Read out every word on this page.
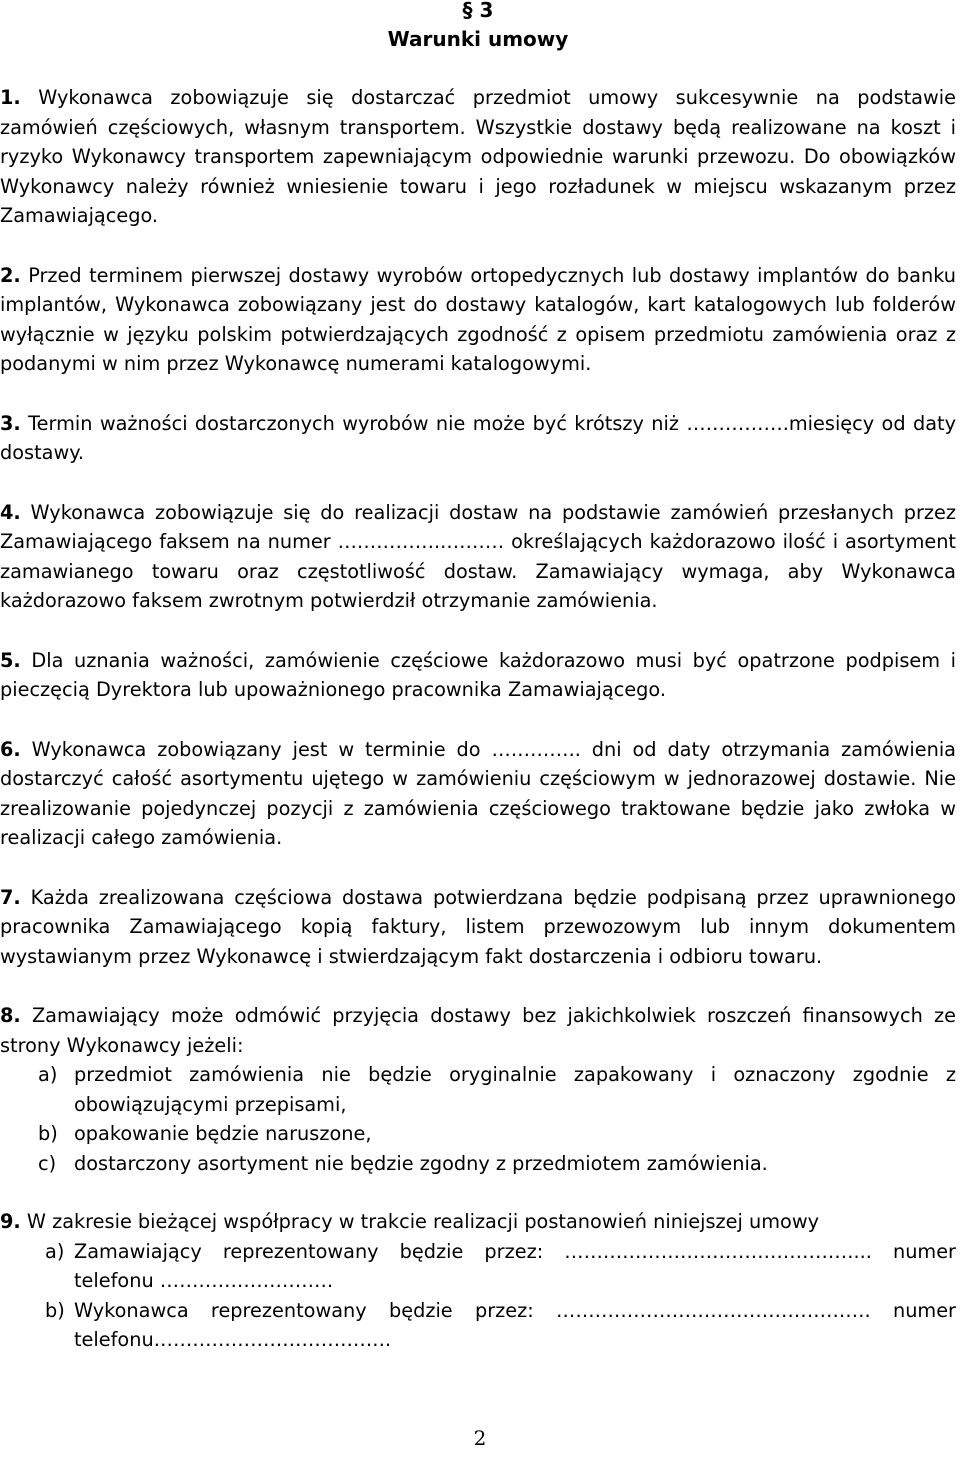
§ 3
Warunki umowy

1. Wykonawca zobowiązuje się dostarczać przedmiot umowy sukcesywnie na podstawie zamówień częściowych, własnym transportem. Wszystkie dostawy będą realizowane na koszt i ryzyko Wykonawcy transportem zapewniającym odpowiednie warunki przewozu. Do obowiązków Wykonawcy należy również wniesienie towaru i jego rozładunek w miejscu wskazanym przez Zamawiającego.

2. Przed terminem pierwszej dostawy wyrobów ortopedycznych lub dostawy implantów do banku implantów, Wykonawca zobowiązany jest do dostawy katalogów, kart katalogowych lub folderów wyłącznie w języku polskim potwierdzających zgodność z opisem przedmiotu zamówienia oraz z podanymi w nim przez Wykonawcę numerami katalogowymi.

3. Termin ważności dostarczonych wyrobów nie może być krótszy niż …………….miesięcy od daty dostawy.

4. Wykonawca zobowiązuje się do realizacji dostaw na podstawie zamówień przesłanych przez Zamawiającego faksem na numer ……………..……… określających każdorazowo ilość i asortyment zamawianego towaru oraz częstotliwość dostaw. Zamawiający wymaga, aby Wykonawca każdorazowo faksem zwrotnym potwierdził otrzymanie zamówienia.

5. Dla uznania ważności, zamówienie częściowe każdorazowo musi być opatrzone podpisem i pieczęcią Dyrektora lub upoważnionego pracownika Zamawiającego.

6. Wykonawca zobowiązany jest w terminie do ………….. dni od daty otrzymania zamówienia dostarczyć całość asortymentu ujętego w zamówieniu częściowym w jednorazowej dostawie. Nie zrealizowanie pojedynczej pozycji z zamówienia częściowego traktowane będzie jako zwłoka w realizacji całego zamówienia.

7. Każda zrealizowana częściowa dostawa potwierdzana będzie podpisaną przez uprawnionego pracownika Zamawiającego kopią faktury, listem przewozowym lub innym dokumentem wystawianym przez Wykonawcę i stwierdzającym fakt dostarczenia i odbioru towaru.

8. Zamawiający może odmówić przyjęcia dostawy bez jakichkolwiek roszczeń finansowych ze strony Wykonawcy jeżeli:

a) przedmiot zamówienia nie będzie oryginalnie zapakowany i oznaczony zgodnie z obowiązującymi przepisami,
b) opakowanie będzie naruszone,
c) dostarczony asortyment nie będzie zgodny z przedmiotem zamówienia.

9. W zakresie bieżącej współpracy w trakcie realizacji postanowień niniejszej umowy

a) Zamawiający reprezentowany będzie przez: ………………………………………... numer telefonu ………………………
b) Wykonawca reprezentowany będzie przez: …………………………………………. numer telefonu……………………………….
2
